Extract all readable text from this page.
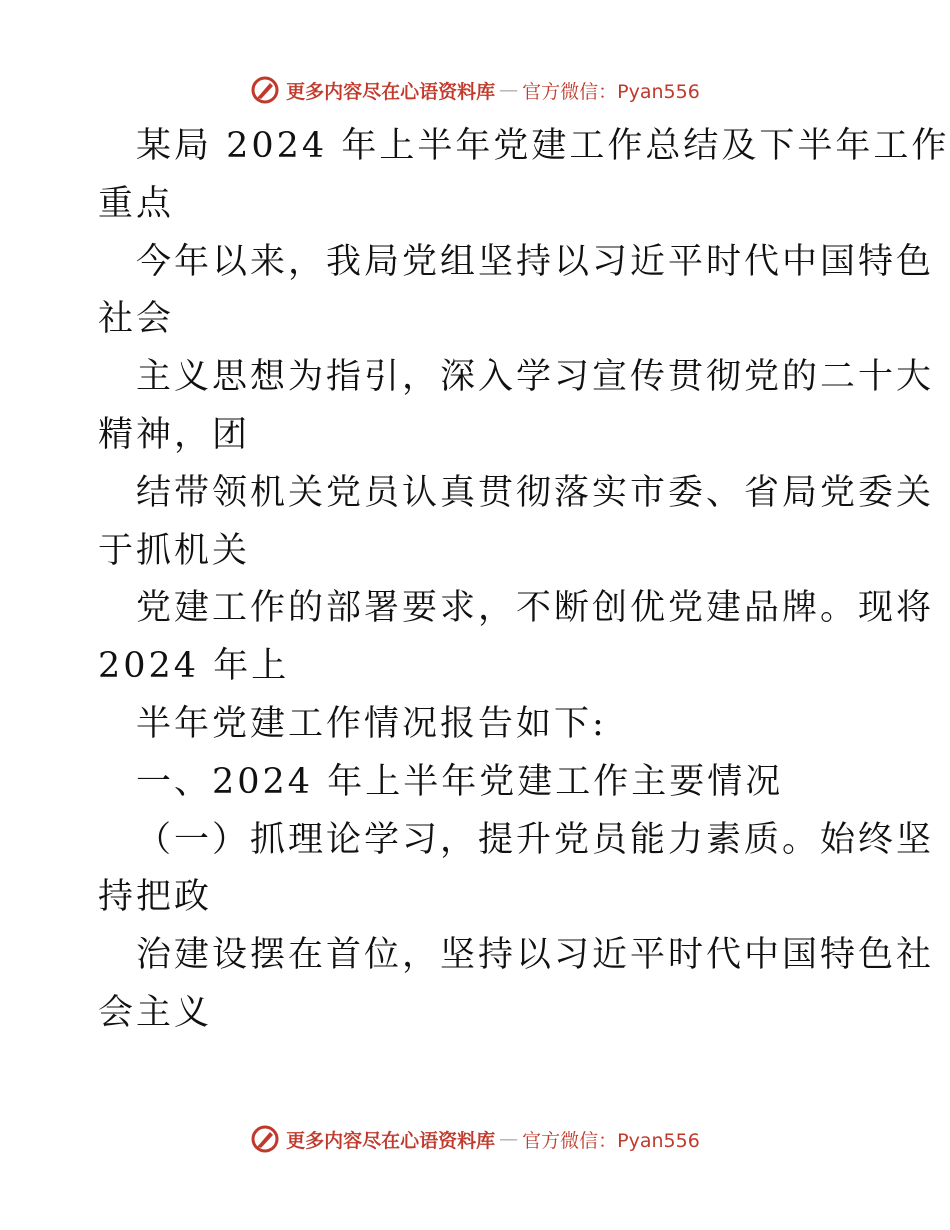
更多内容尽在心语资料库 — 官方微信：Pyan556
某局 2024 年上半年党建工作总结及下半年工作
重点
今年以来，我局党组坚持以习近平时代中国特色
社会
主义思想为指引，深入学习宣传贯彻党的二十大
精神，团
结带领机关党员认真贯彻落实市委、省局党委关
于抓机关
党建工作的部署要求，不断创优党建品牌。现将
2024 年上
半年党建工作情况报告如下:
一、2024 年上半年党建工作主要情况
（一）抓理论学习，提升党员能力素质。始终坚
持把政
治建设摆在首位，坚持以习近平时代中国特色社
会主义
更多内容尽在心语资料库 — 官方微信：Pyan556
